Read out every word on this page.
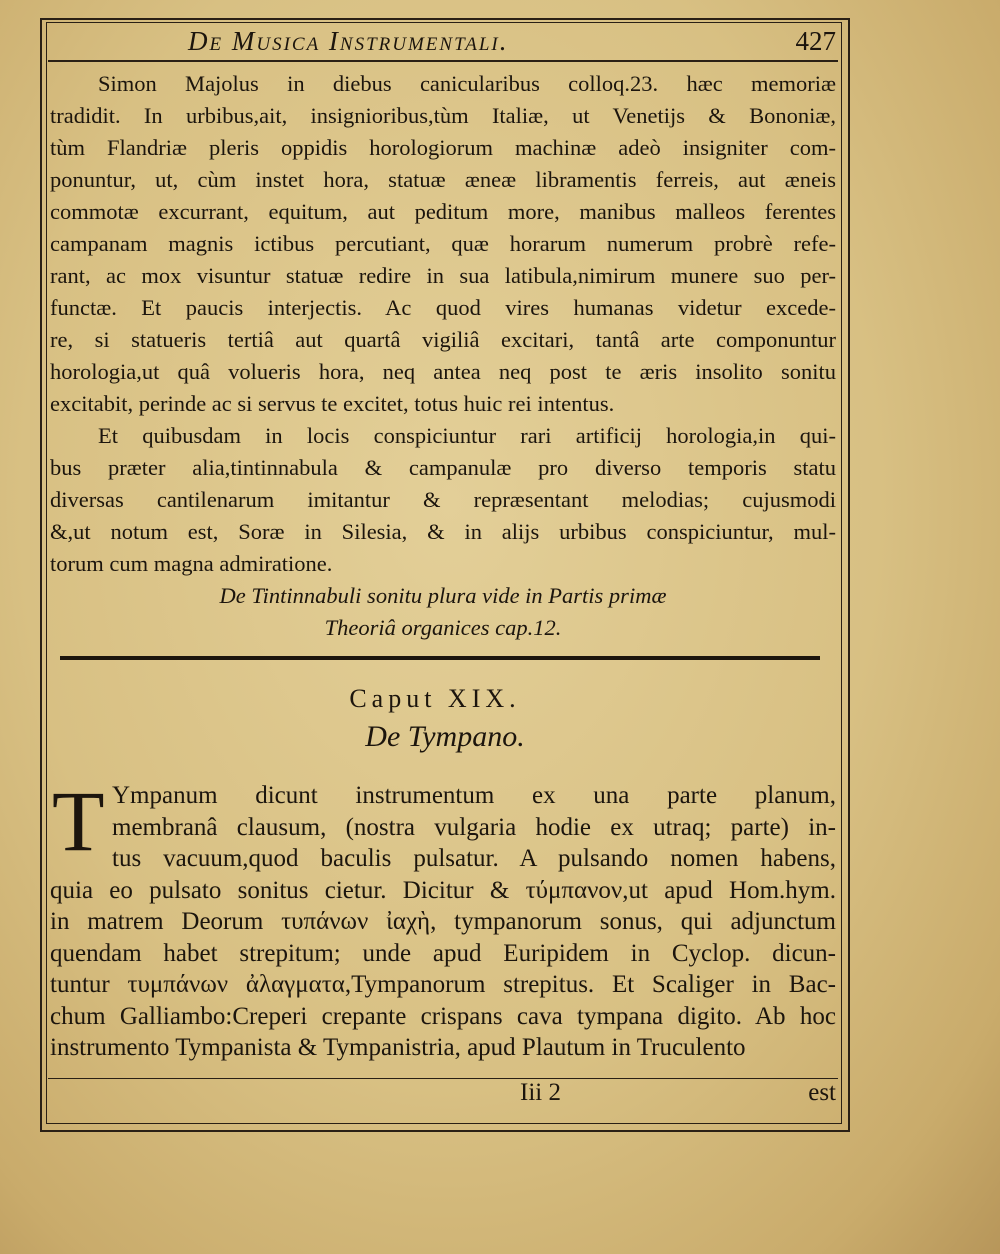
De Musica Instrumentali.	427
Simon Majolus in diebus canicularibus colloq.23. hæc memoriæ
tradidit. In urbibus,ait, insignioribus,tùm Italiæ, ut Venetijs & Bononiæ,
tùm Flandriæ pleris oppidis horologiorum machinæ adeò insigniter com-
ponuntur, ut, cùm instet hora, statuæ æneæ libramentis ferreis, aut æneis
commotæ excurrant, equitum, aut peditum more, manibus malleos ferentes
campanam magnis ictibus percutiant, quæ horarum numerum probrè refe-
rant, ac mox visuntur statuæ redire in sua latibula,nimirum munere suo per-
functæ. Et paucis interjectis. Ac quod vires humanas videtur excede-
re, si statueris tertiâ aut quartâ vigiliâ excitari, tantâ arte componuntur
horologia,ut quâ volueris hora, neq antea neq post te æris insolito sonitu
excitabit, perinde ac si servus te excitet, totus huic rei intentus.
Et quibusdam in locis conspiciuntur rari artificij horologia,in qui-
bus præter alia,tintinnabula & campanulæ pro diverso temporis statu
diversas cantilenarum imitantur & repræsentant melodias; cujusmodi
&,ut notum est, Soræ in Silesia, & in alijs urbibus conspiciuntur, mul-
torum cum magna admiratione.
De Tintinnabuli sonitu plura vide in Partis primæ
Theoriâ organices cap.12.
Caput XIX.
De Tympano.
T Ympanum dicunt instrumentum ex una parte planum,
membranâ clausum, (nostra vulgaria hodie ex utraq; parte) in-
tus vacuum,quod baculis pulsatur. A pulsando nomen habens,
quia eo pulsato sonitus cietur. Dicitur & τύμπανον,ut apud Hom.hym.
in matrem Deorum τυπάνων ἰαχὴ, tympanorum sonus, qui adjunctum
quendam habet strepitum; unde apud Euripidem in Cyclop. dicun-
tuntur τυμπάνων ἀλαγματα,Tympanorum strepitus. Et Scaliger in Bac-
chum Galliambo:Creperi crepante crispans cava tympana digito. Ab hoc
instrumento Tympanista & Tympanistria, apud Plautum in Truculento
Iii 2	est
